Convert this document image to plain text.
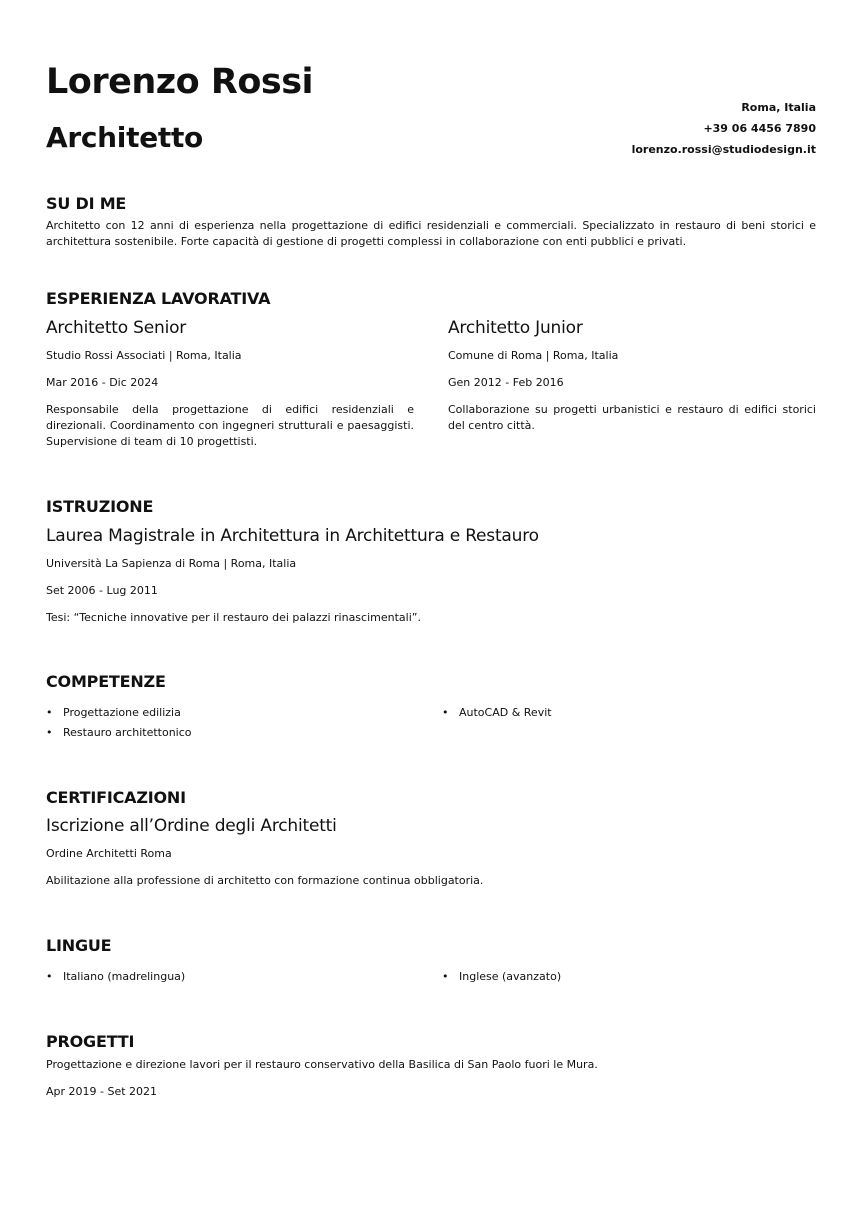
Lorenzo Rossi
Architetto
Roma, Italia
+39 06 4456 7890
lorenzo.rossi@studiodesign.it
SU DI ME

Architetto con 12 anni di esperienza nella progettazione di edifici residenziali e commerciali. Specializzato in restauro di beni storici e architettura sostenibile. Forte capacità di gestione di progetti complessi in collaborazione con enti pubblici e privati.

ESPERIENZA LAVORATIVA
Architetto Senior
Studio Rossi Associati | Roma, Italia
Mar 2016 - Dic 2024

Responsabile della progettazione di edifici residenziali e direzionali. Coordinamento con ingegneri strutturali e paesaggisti. Supervisione di team di 10 progettisti.

Architetto Junior
Comune di Roma | Roma, Italia
Gen 2012 - Feb 2016

Collaborazione su progetti urbanistici e restauro di edifici storici del centro città.

ISTRUZIONE
Laurea Magistrale in Architettura in Architettura e Restauro
Università La Sapienza di Roma | Roma, Italia
Set 2006 - Lug 2011
Tesi: “Tecniche innovative per il restauro dei palazzi rinascimentali”.
COMPETENZE
• Progettazione edilizia	• AutoCAD & Revit
• Restauro architettonico
CERTIFICAZIONI
Iscrizione all’Ordine degli Architetti
Ordine Architetti Roma
Abilitazione alla professione di architetto con formazione continua obbligatoria.
LINGUE
• Italiano (madrelingua)	• Inglese (avanzato)
PROGETTI
Progettazione e direzione lavori per il restauro conservativo della Basilica di San Paolo fuori le Mura.
Apr 2019 - Set 2021
